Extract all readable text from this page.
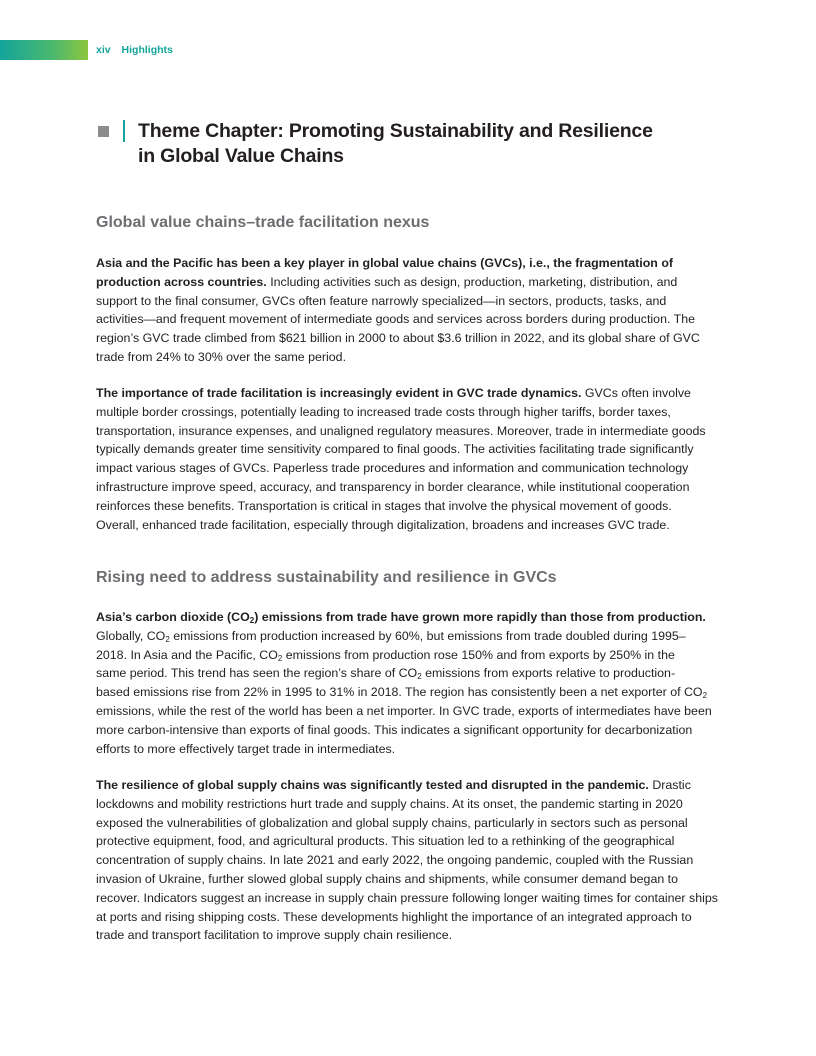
xiv Highlights
Theme Chapter: Promoting Sustainability and Resilience
in Global Value Chains
Global value chains–trade facilitation nexus
Asia and the Pacific has been a key player in global value chains (GVCs), i.e., the fragmentation of
production across countries. Including activities such as design, production, marketing, distribution, and
support to the final consumer, GVCs often feature narrowly specialized—in sectors, products, tasks, and
activities—and frequent movement of intermediate goods and services across borders during production. The
region’s GVC trade climbed from $621 billion in 2000 to about $3.6 trillion in 2022, and its global share of GVC
trade from 24% to 30% over the same period.
The importance of trade facilitation is increasingly evident in GVC trade dynamics. GVCs often involve
multiple border crossings, potentially leading to increased trade costs through higher tariffs, border taxes,
transportation, insurance expenses, and unaligned regulatory measures. Moreover, trade in intermediate goods
typically demands greater time sensitivity compared to final goods. The activities facilitating trade significantly
impact various stages of GVCs. Paperless trade procedures and information and communication technology
infrastructure improve speed, accuracy, and transparency in border clearance, while institutional cooperation
reinforces these benefits. Transportation is critical in stages that involve the physical movement of goods.
Overall, enhanced trade facilitation, especially through digitalization, broadens and increases GVC trade.
Rising need to address sustainability and resilience in GVCs
Asia’s carbon dioxide $(CO_2)$ emissions from trade have grown more rapidly than those from production.
Globally, $CO_2$ emissions from production increased by 60%, but emissions from trade doubled during 1995–
2018. In Asia and the Pacific, $CO_2$ emissions from production rose 150% and from exports by 250% in the
same period. This trend has seen the region’s share of $CO_2$ emissions from exports relative to production-
based emissions rise from 22% in 1995 to 31% in 2018. The region has consistently been a net exporter of $CO_2$
emissions, while the rest of the world has been a net importer. In GVC trade, exports of intermediates have been
more carbon-intensive than exports of final goods. This indicates a significant opportunity for decarbonization
efforts to more effectively target trade in intermediates.
The resilience of global supply chains was significantly tested and disrupted in the pandemic. Drastic
lockdowns and mobility restrictions hurt trade and supply chains. At its onset, the pandemic starting in 2020
exposed the vulnerabilities of globalization and global supply chains, particularly in sectors such as personal
protective equipment, food, and agricultural products. This situation led to a rethinking of the geographical
concentration of supply chains. In late 2021 and early 2022, the ongoing pandemic, coupled with the Russian
invasion of Ukraine, further slowed global supply chains and shipments, while consumer demand began to
recover. Indicators suggest an increase in supply chain pressure following longer waiting times for container ships
at ports and rising shipping costs. These developments highlight the importance of an integrated approach to
trade and transport facilitation to improve supply chain resilience.
